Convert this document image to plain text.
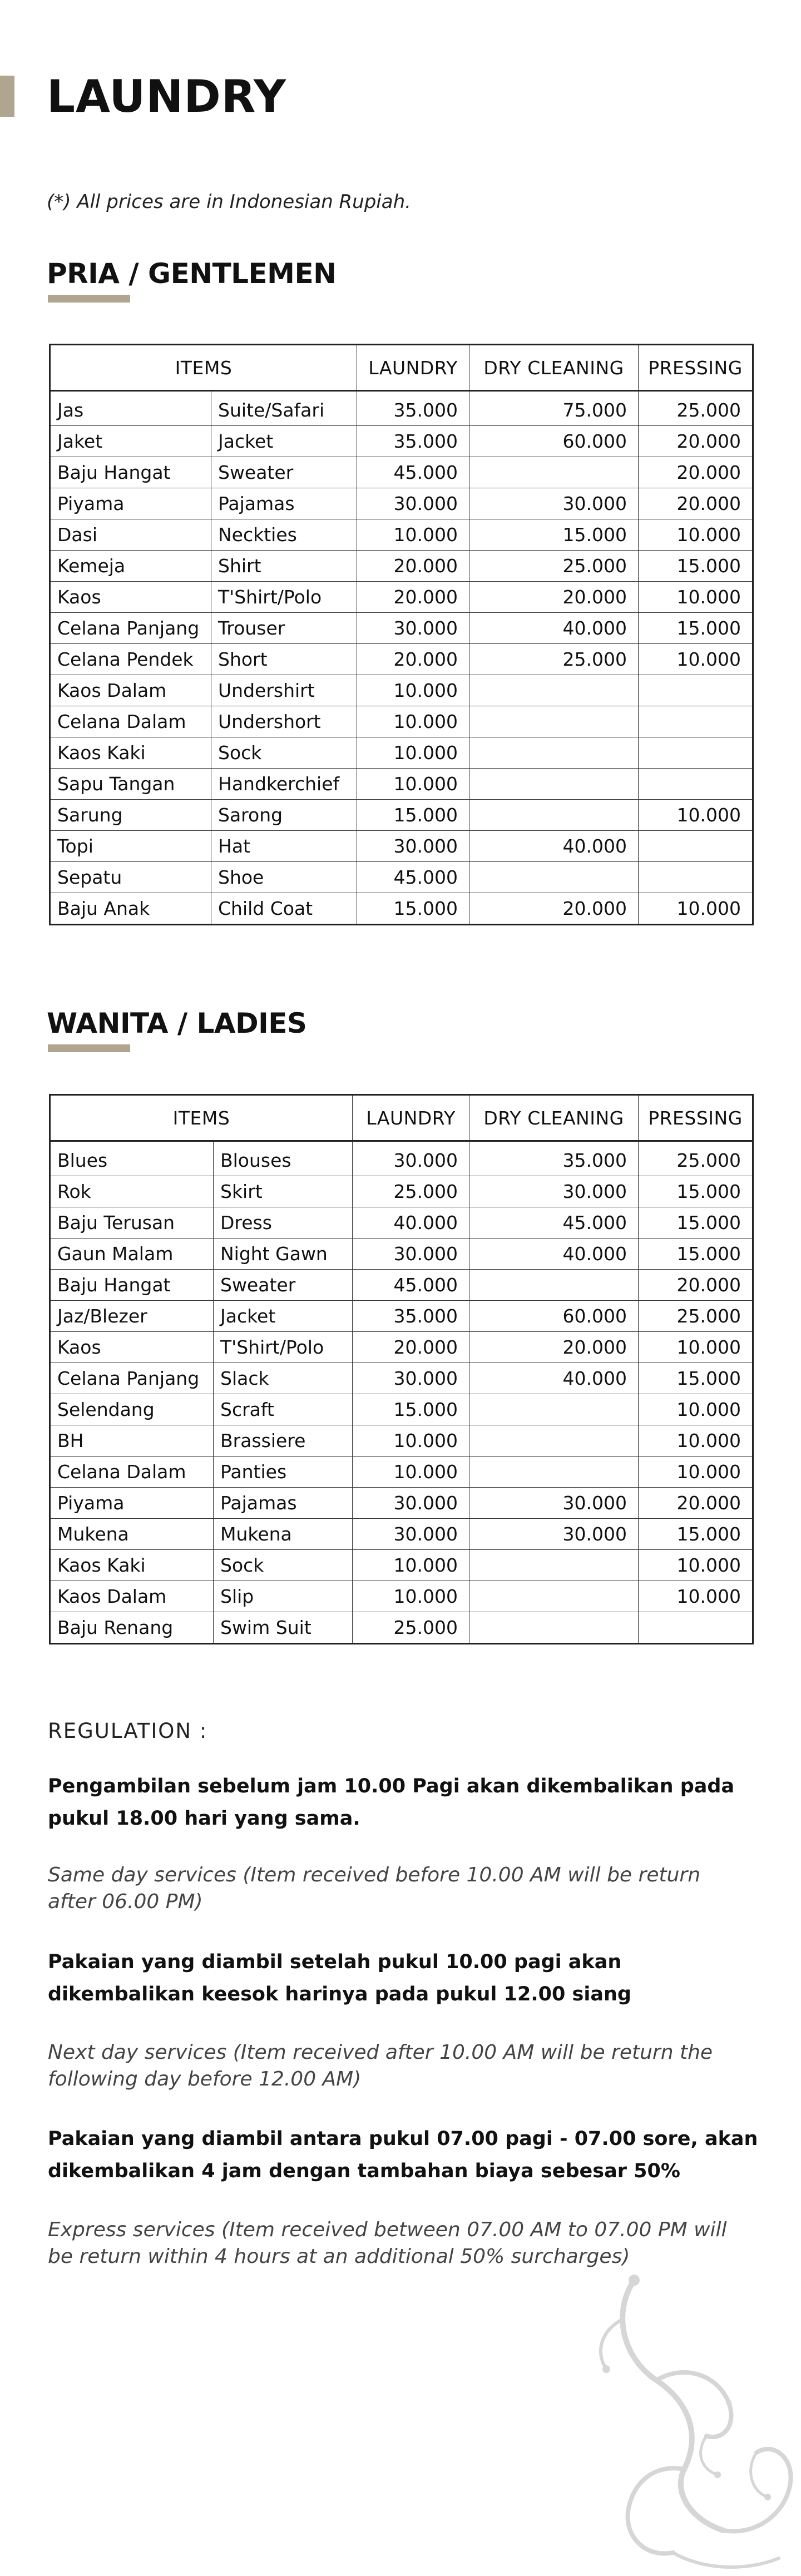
LAUNDRY
(*) All prices are in Indonesian Rupiah.
PRIA / GENTLEMEN
ITEMS		LAUNDRY	DRY CLEANING	PRESSING
Jas	Suite/Safari	35.000	75.000	25.000
Jaket	Jacket	35.000	60.000	20.000
Baju Hangat	Sweater	45.000		20.000
Piyama	Pajamas	30.000	30.000	20.000
Dasi	Neckties	10.000	15.000	10.000
Kemeja	Shirt	20.000	25.000	15.000
Kaos	T'Shirt/Polo	20.000	20.000	10.000
Celana Panjang	Trouser	30.000	40.000	15.000
Celana Pendek	Short	20.000	25.000	10.000
Kaos Dalam	Undershirt	10.000		
Celana Dalam	Undershort	10.000		
Kaos Kaki	Sock	10.000		
Sapu Tangan	Handkerchief	10.000		
Sarung	Sarong	15.000		10.000
Topi	Hat	30.000	40.000	
Sepatu	Shoe	45.000		
Baju Anak	Child Coat	15.000	20.000	10.000
WANITA / LADIES
ITEMS		LAUNDRY	DRY CLEANING	PRESSING
Blues	Blouses	30.000	35.000	25.000
Rok	Skirt	25.000	30.000	15.000
Baju Terusan	Dress	40.000	45.000	15.000
Gaun Malam	Night Gawn	30.000	40.000	15.000
Baju Hangat	Sweater	45.000		20.000
Jaz/Blezer	Jacket	35.000	60.000	25.000
Kaos	T'Shirt/Polo	20.000	20.000	10.000
Celana Panjang	Slack	30.000	40.000	15.000
Selendang	Scraft	15.000		10.000
BH	Brassiere	10.000		10.000
Celana Dalam	Panties	10.000		10.000
Piyama	Pajamas	30.000	30.000	20.000
Mukena	Mukena	30.000	30.000	15.000
Kaos Kaki	Sock	10.000		10.000
Kaos Dalam	Slip	10.000		10.000
Baju Renang	Swim Suit	25.000		
REGULATION :

Pengambilan sebelum jam 10.00 Pagi akan dikembalikan pada pukul 18.00 hari yang sama.

Same day services (Item received before 10.00 AM will be return after 06.00 PM)

Pakaian yang diambil setelah pukul 10.00 pagi akan dikembalikan keesok harinya pada pukul 12.00 siang

Next day services (Item received after 10.00 AM will be return the following day before 12.00 AM)

Pakaian yang diambil antara pukul 07.00 pagi - 07.00 sore, akan dikembalikan 4 jam dengan tambahan biaya sebesar 50%

Express services (Item received between 07.00 AM to 07.00 PM will be return within 4 hours at an additional 50% surcharges)
